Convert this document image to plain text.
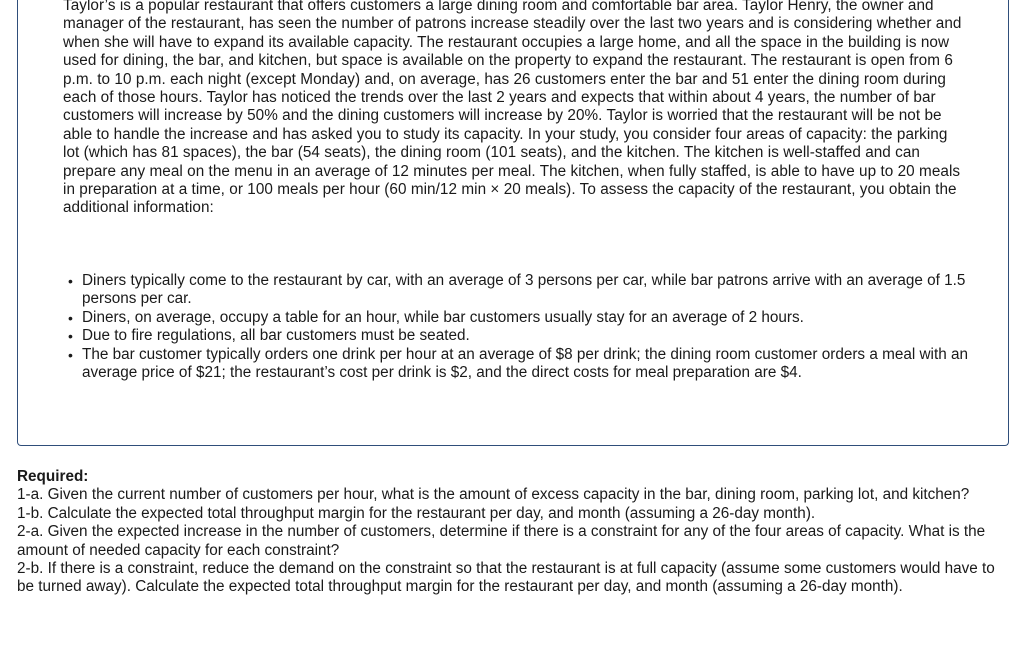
Taylor’s is a popular restaurant that offers customers a large dining room and comfortable bar area. Taylor Henry, the owner and manager of the restaurant, has seen the number of patrons increase steadily over the last two years and is considering whether and when she will have to expand its available capacity. The restaurant occupies a large home, and all the space in the building is now used for dining, the bar, and kitchen, but space is available on the property to expand the restaurant. The restaurant is open from 6 p.m. to 10 p.m. each night (except Monday) and, on average, has 26 customers enter the bar and 51 enter the dining room during each of those hours. Taylor has noticed the trends over the last 2 years and expects that within about 4 years, the number of bar customers will increase by 50% and the dining customers will increase by 20%. Taylor is worried that the restaurant will be not be able to handle the increase and has asked you to study its capacity. In your study, you consider four areas of capacity: the parking lot (which has 81 spaces), the bar (54 seats), the dining room (101 seats), and the kitchen. The kitchen is well-staffed and can prepare any meal on the menu in an average of 12 minutes per meal. The kitchen, when fully staffed, is able to have up to 20 meals in preparation at a time, or 100 meals per hour (60 min/12 min × 20 meals). To assess the capacity of the restaurant, you obtain the additional information:

• Diners typically come to the restaurant by car, with an average of 3 persons per car, while bar patrons arrive with an average of 1.5 persons per car.
• Diners, on average, occupy a table for an hour, while bar customers usually stay for an average of 2 hours.
• Due to fire regulations, all bar customers must be seated.
• The bar customer typically orders one drink per hour at an average of $8 per drink; the dining room customer orders a meal with an average price of $21; the restaurant’s cost per drink is $2, and the direct costs for meal preparation are $4.

Required:

1-a. Given the current number of customers per hour, what is the amount of excess capacity in the bar, dining room, parking lot, and kitchen?

1-b. Calculate the expected total throughput margin for the restaurant per day, and month (assuming a 26-day month).

2-a. Given the expected increase in the number of customers, determine if there is a constraint for any of the four areas of capacity. What is the amount of needed capacity for each constraint?

2-b. If there is a constraint, reduce the demand on the constraint so that the restaurant is at full capacity (assume some customers would have to be turned away). Calculate the expected total throughput margin for the restaurant per day, and month (assuming a 26-day month).
